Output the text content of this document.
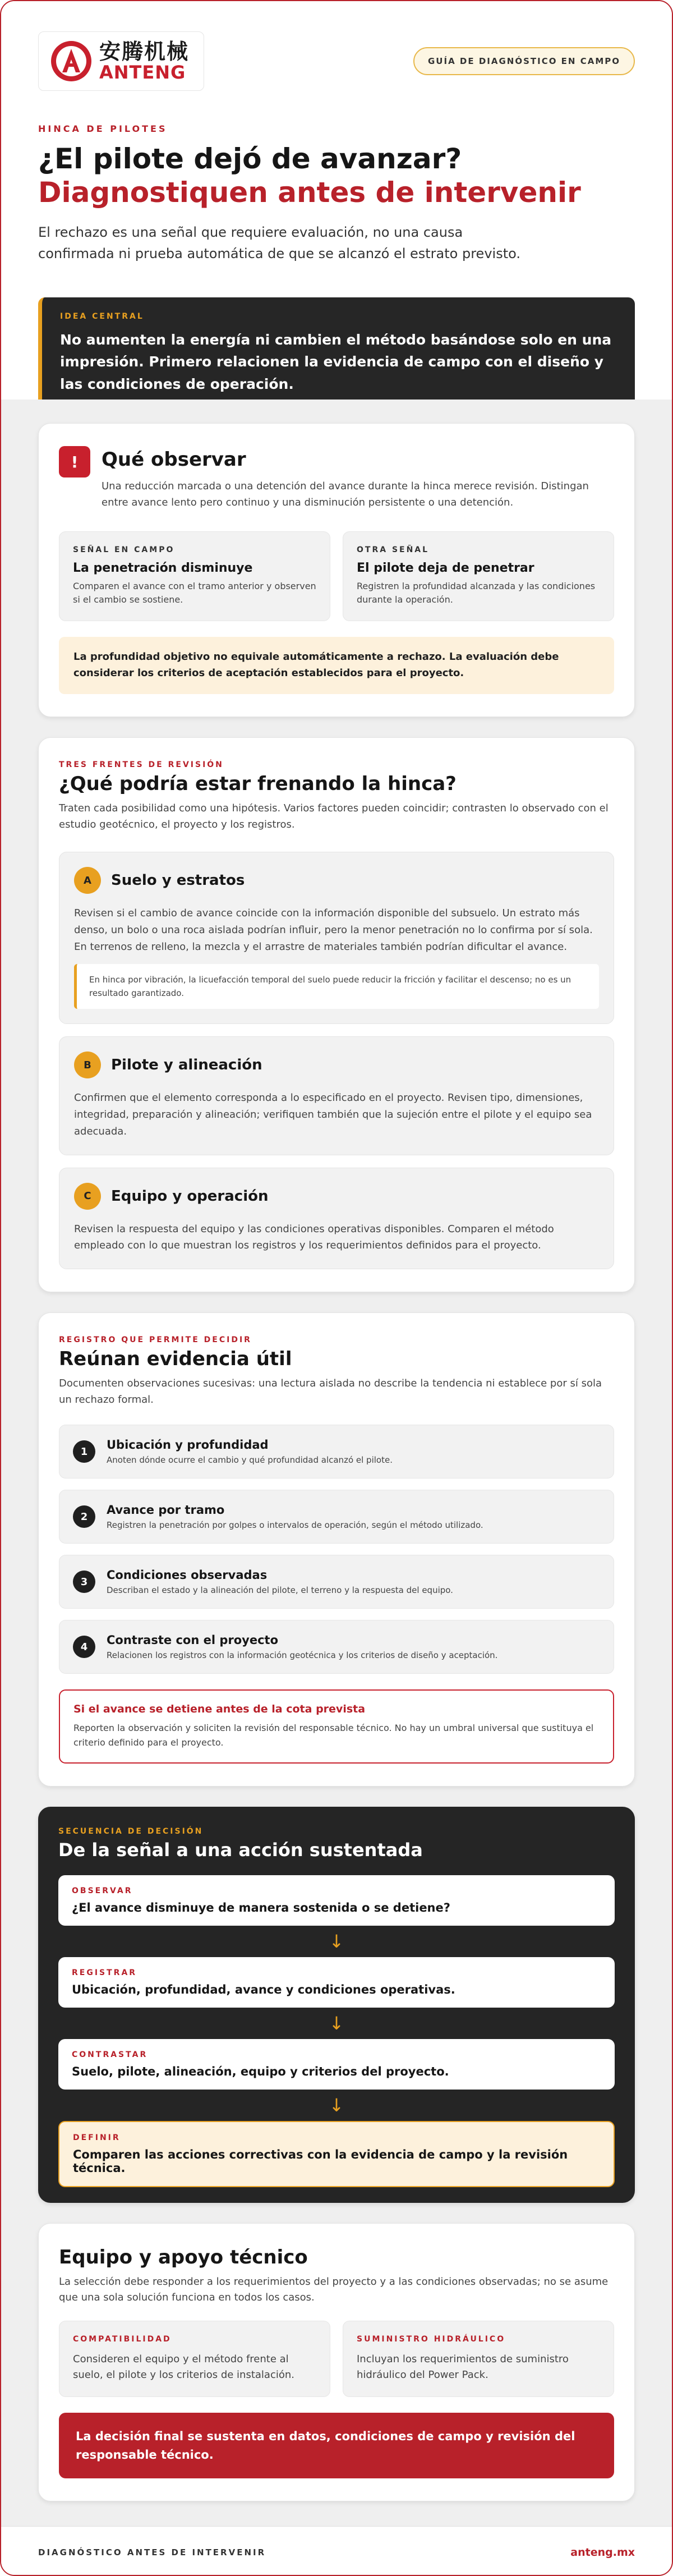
安腾机械
ANTENG
GUÍA DE DIAGNÓSTICO EN CAMPO
HINCA DE PILOTES
¿El pilote dejó de avanzar?
Diagnostiquen antes de intervenir

El rechazo es una señal que requiere evaluación, no una causa confirmada ni prueba automática de que se alcanzó el estrato previsto.

IDEA CENTRAL
No aumenten la energía ni cambien el método basándose solo en una impresión. Primero relacionen la evidencia de campo con el diseño y las condiciones de operación.
!	Qué observar

Una reducción marcada o una detención del avance durante la hinca merece revisión. Distingan entre avance lento pero continuo y una disminución persistente o una detención.

SEÑAL EN CAMPO
La penetración disminuye
Comparen el avance con el tramo anterior y observen si el cambio se sostiene.
OTRA SEÑAL
El pilote deja de penetrar
Registren la profundidad alcanzada y las condiciones durante la operación.
La profundidad objetivo no equivale automáticamente a rechazo. La evaluación debe considerar los criterios de aceptación establecidos para el proyecto.
TRES FRENTES DE REVISIÓN
¿Qué podría estar frenando la hinca?

Traten cada posibilidad como una hipótesis. Varios factores pueden coincidir; contrasten lo observado con el estudio geotécnico, el proyecto y los registros.

A	Suelo y estratos

Revisen si el cambio de avance coincide con la información disponible del subsuelo. Un estrato más denso, un bolo o una roca aislada podrían influir, pero la menor penetración no lo confirma por sí sola. En terrenos de relleno, la mezcla y el arrastre de materiales también podrían dificultar el avance.

En hinca por vibración, la licuefacción temporal del suelo puede reducir la fricción y facilitar el descenso; no es un resultado garantizado.
B	Pilote y alineación

Confirmen que el elemento corresponda a lo especificado en el proyecto. Revisen tipo, dimensiones, integridad, preparación y alineación; verifiquen también que la sujeción entre el pilote y el equipo sea adecuada.

C	Equipo y operación

Revisen la respuesta del equipo y las condiciones operativas disponibles. Comparen el método empleado con lo que muestran los registros y los requerimientos definidos para el proyecto.

REGISTRO QUE PERMITE DECIDIR
Reúnan evidencia útil

Documenten observaciones sucesivas: una lectura aislada no describe la tendencia ni establece por sí sola un rechazo formal.

1	Ubicación y profundidad
Anoten dónde ocurre el cambio y qué profundidad alcanzó el pilote.
2	Avance por tramo
Registren la penetración por golpes o intervalos de operación, según el método utilizado.
3	Condiciones observadas
Describan el estado y la alineación del pilote, el terreno y la respuesta del equipo.
4	Contraste con el proyecto
Relacionen los registros con la información geotécnica y los criterios de diseño y aceptación.
Si el avance se detiene antes de la cota prevista
Reporten la observación y soliciten la revisión del responsable técnico. No hay un umbral universal que sustituya el criterio definido para el proyecto.
SECUENCIA DE DECISIÓN
De la señal a una acción sustentada
OBSERVAR
¿El avance disminuye de manera sostenida o se detiene?
↓
REGISTRAR
Ubicación, profundidad, avance y condiciones operativas.
↓
CONTRASTAR
Suelo, pilote, alineación, equipo y criterios del proyecto.
↓
DEFINIR
Comparen las acciones correctivas con la evidencia de campo y la revisión técnica.
Equipo y apoyo técnico

La selección debe responder a los requerimientos del proyecto y a las condiciones observadas; no se asume que una sola solución funciona en todos los casos.

COMPATIBILIDAD
Consideren el equipo y el método frente al suelo, el pilote y los criterios de instalación.
SUMINISTRO HIDRÁULICO
Incluyan los requerimientos de suministro hidráulico del Power Pack.
La decisión final se sustenta en datos, condiciones de campo y revisión del responsable técnico.
DIAGNÓSTICO ANTES DE INTERVENIR	anteng.mx
